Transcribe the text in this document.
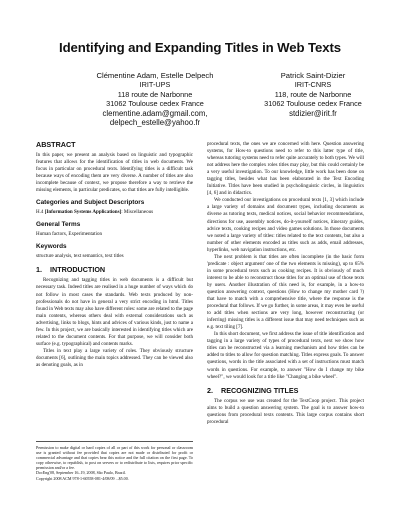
Identifying and Expanding Titles in Web Texts
Clémentine Adam, Estelle Delpech
IRIT-UPS
118 route de Narbonne
31062 Toulouse cedex France
clementine.adam@gmail.com,
delpech_estelle@yahoo.fr
Patrick Saint-Dizier
IRIT-CNRS
118, route de Narbonne
31062 Toulouse cedex France
stdizier@irit.fr
ABSTRACT

In this paper, we present an analysis based on linguistic and typographic features that allows for the identification of titles in web documents. We focus in particular on procedural texts. Identifying titles is a difficult task because ways of encoding them are very diverse. A number of titles are also incomplete because of context, we propose therefore a way to retrieve the missing elements, in particular predicates, so that titles are fully intelligible.

Categories and Subject Descriptors

H.4 [Information Systems Applications]: Miscellaneous

General Terms

Human factors, Experimentation

Keywords

structure analysis, text semantics, text titles

1. INTRODUCTION

Recognizing and tagging titles in web documents is a difficult but necessary task. Indeed titles are realised in a huge number of ways which do not follow in most cases the standards. Web texts produced by non-professionals do not have in general a very strict encoding in html. Titles found in Web texts may also have different roles: some are related to the page main contents, whereas others deal with external considerations such as advertising, links to blogs, hints and advices of various kinds, just to name a few. In this project, we are basically interested in identifying titles which are related to the document contents. For that purpose, we will consider both surface (e.g. typographical) and contents marks.

Titles in text play a large variety of roles. They obviously structure documents [6], outlining the main topics addressed. They can be viewed also as denoting goals, as in

Permission to make digital or hard copies of all or part of this work for personal or classroom use is granted without fee provided that copies are not made or distributed for profit or commercial advantage and that copies bear this notice and the full citation on the first page. To copy otherwise, to republish, to post on servers or to redistribute to lists, requires prior specific permission and/or a fee.
DocEng'08, September 16–19, 2008, São Paulo, Brazil.
Copyright 2008 ACM 978-1-60558-081-4/08/09 ...$5.00.

procedural texts, the ones we are concerned with here. Question answering systems, for How-to questions need to refer to this latter type of title, whereas tutoring systems need to refer quite accurately to both types. We will not address here the complex roles titles may play, but this could certainly be a very useful investigation. To our knowledge, little work has been done on tagging titles, besides what has been elaborated in the Text Encoding Initiative. Titles have been studied in psycholinguistic circles, in linguistics [4, 6] and in didactics.

We conducted our investigations on procedural texts [1, 3] which include a large variety of domains and document types, including documents as diverse as tutoring texts, medical notices, social behavior recommendations, directions for use, assembly notices, do-it-yourself notices, itinerary guides, advice texts, cooking recipes and video games solutions. In those documents we noted a large variety of titles: titles related to the text contents, but also a number of other elements encoded as titles such as adds, email addresses, hyperlinks, web navigation instructions, etc.

The next problem is that titles are often incomplete (in the basic form 'predicate : object argument' one of the two elements is missing), up to 65% in some procedural texts such as cooking recipes. It is obviously of much interest to be able to reconstruct those titles for an optimal use of those texts by users. Another illustration of this need is, for example, in a how-to question answering context, questions (How to change my mother card ?) that have to match with a comprehensive title, where the response is the procedural that follows. If we go further, in some areas, it may even be useful to add titles when sections are very long, however reconstructing (or inferring) missing titles is a different issue that may need techniques such as e.g. text tiling [7].

In this short document, we first address the issue of title identification and tagging in a large variety of types of procedural texts, next we show how titles can be reconstructed via a learning mechanism and how titles can be added to titles to allow for question matching. Titles express goals. To answer questions, words in the title associated with a set of instructions must match words in questions. For example, to answer "How do I change my bike wheel?", we would look for a title like "Changing a bike wheel".

2. RECOGNIZING TITLES

The corpus we use was created for the TextCoop project. This project aims to build a question answering system. The goal is to answer how-to questions from procedural texts contents. This large corpus contains short procedural
